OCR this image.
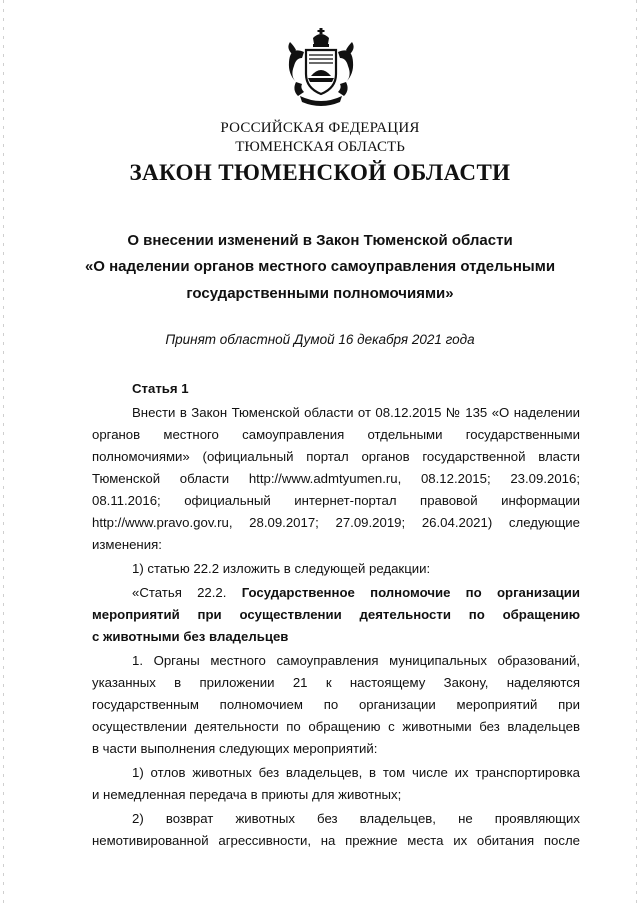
РОССИЙСКАЯ ФЕДЕРАЦИЯ
ТЮМЕНСКАЯ ОБЛАСТЬ
ЗАКОН ТЮМЕНСКОЙ ОБЛАСТИ
О внесении изменений в Закон Тюменской области
«О наделении органов местного самоуправления отдельными
государственными полномочиями»
Принят областной Думой 16 декабря 2021 года
Статья 1
Внести в Закон Тюменской области от 08.12.2015 № 135 «О наделении
органов местного самоуправления отдельными государственными
полномочиями» (официальный портал органов государственной власти
Тюменской области http://www.admtyumen.ru, 08.12.2015; 23.09.2016;
08.11.2016; официальный интернет-портал правовой информации
http://www.pravo.gov.ru, 28.09.2017; 27.09.2019; 26.04.2021) следующие
изменения:
1) статью 22.2 изложить в следующей редакции:
«Статья 22.2. Государственное полномочие по организации
мероприятий при осуществлении деятельности по обращению
с животными без владельцев
1. Органы местного самоуправления муниципальных образований,
указанных в приложении 21 к настоящему Закону, наделяются
государственным полномочием по организации мероприятий при
осуществлении деятельности по обращению с животными без владельцев
в части выполнения следующих мероприятий:
1) отлов животных без владельцев, в том числе их транспортировка
и немедленная передача в приюты для животных;
2) возврат животных без владельцев, не проявляющих
немотивированной агрессивности, на прежние места их обитания после
